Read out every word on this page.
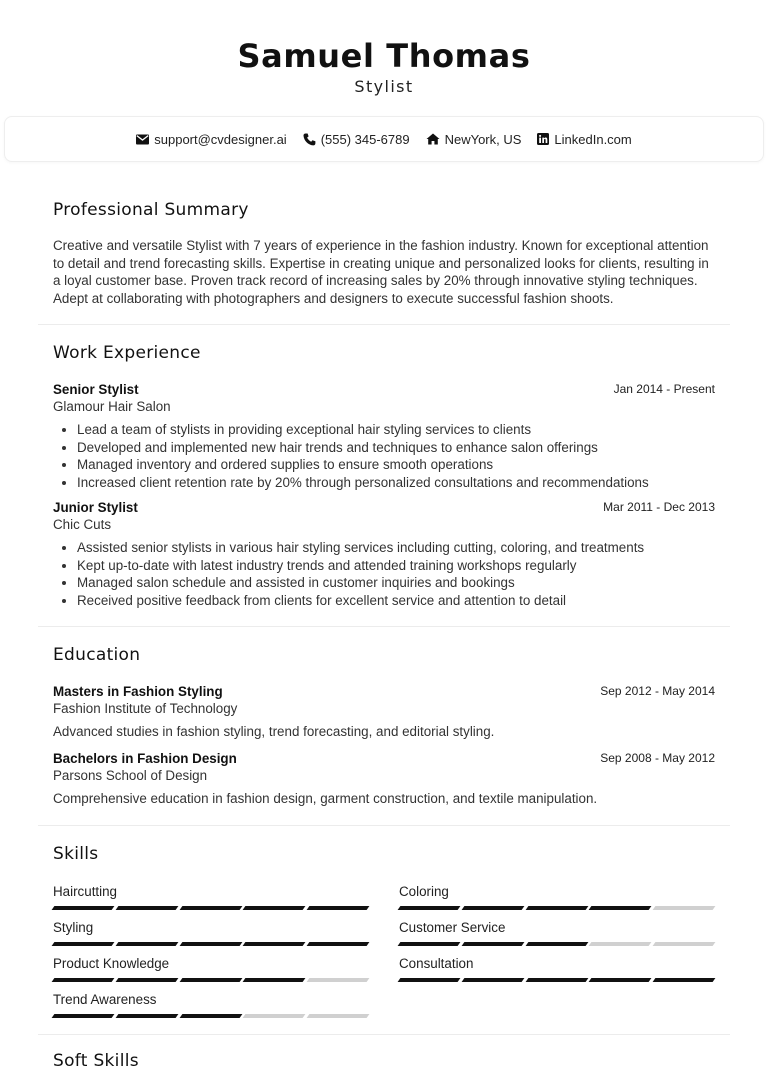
Samuel Thomas
Stylist
support@cvdesigner.ai	(555) 345-6789	NewYork, US	LinkedIn.com
Professional Summary

Creative and versatile Stylist with 7 years of experience in the fashion industry. Known for exceptional attention to detail and trend forecasting skills. Expertise in creating unique and personalized looks for clients, resulting in a loyal customer base. Proven track record of increasing sales by 20% through innovative styling techniques. Adept at collaborating with photographers and designers to execute successful fashion shoots.

Work Experience
Senior Stylist	Jan 2014 - Present
Glamour Hair Salon
• Lead a team of stylists in providing exceptional hair styling services to clients
• Developed and implemented new hair trends and techniques to enhance salon offerings
• Managed inventory and ordered supplies to ensure smooth operations
• Increased client retention rate by 20% through personalized consultations and recommendations
Junior Stylist	Mar 2011 - Dec 2013
Chic Cuts
• Assisted senior stylists in various hair styling services including cutting, coloring, and treatments
• Kept up-to-date with latest industry trends and attended training workshops regularly
• Managed salon schedule and assisted in customer inquiries and bookings
• Received positive feedback from clients for excellent service and attention to detail
Education
Masters in Fashion Styling	Sep 2012 - May 2014
Fashion Institute of Technology
Advanced studies in fashion styling, trend forecasting, and editorial styling.
Bachelors in Fashion Design	Sep 2008 - May 2012
Parsons School of Design
Comprehensive education in fashion design, garment construction, and textile manipulation.
Skills
Haircutting	Coloring
Styling	Customer Service
Product Knowledge	Consultation
Trend Awareness
Soft Skills
